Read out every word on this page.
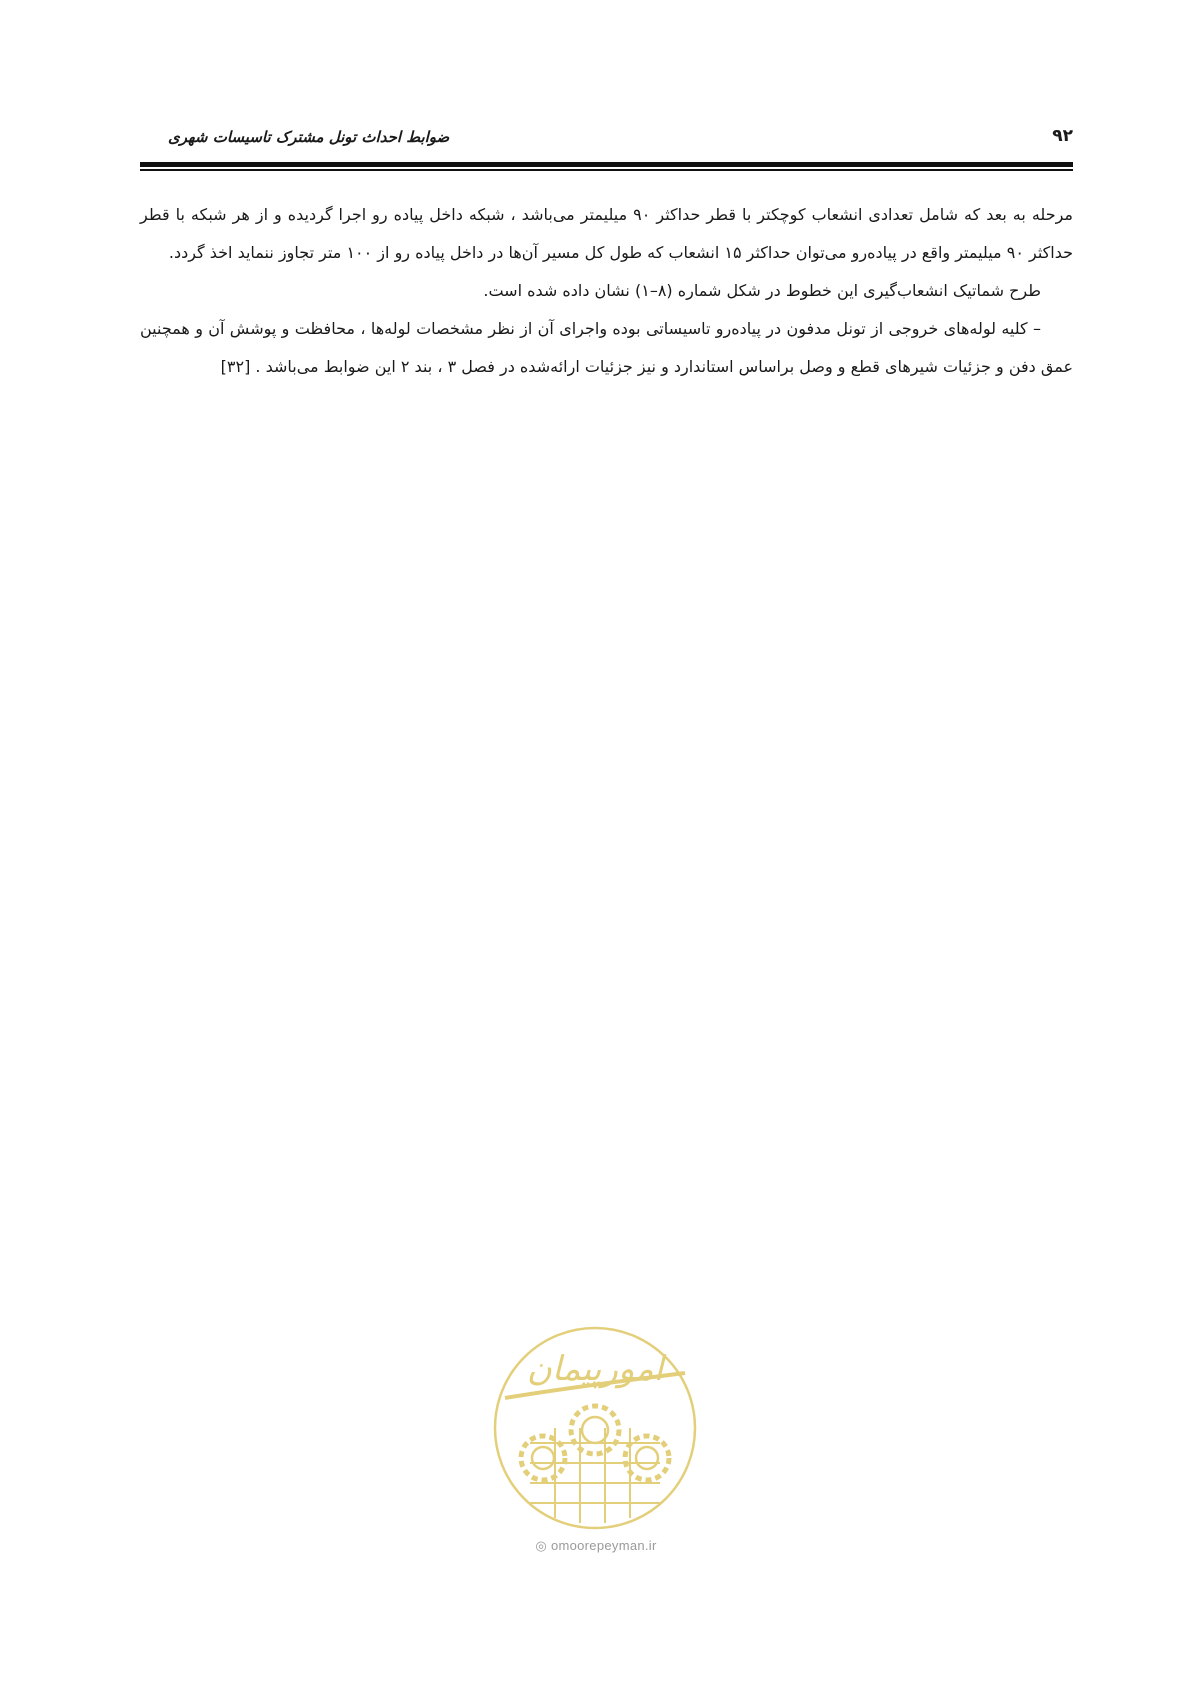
۹۲
ضوابط احداث تونل مشترک تاسیسات شهری

مرحله به بعد که شامل تعدادی انشعاب کوچکتر با قطر حداکثر ۹۰ میلیمتر می‌باشد ، شبکه داخل پیاده رو اجرا گردیده و از هر شبکه با قطر حداکثر ۹۰ میلیمتر واقع در پیاده‌رو می‌توان حداکثر ۱۵ انشعاب که طول کل مسیر آن‌ها در داخل پیاده رو از ۱۰۰ متر تجاوز ننماید اخذ گردد.

طرح شماتیک انشعاب‌گیری این خطوط در شکل شماره (۸–۱) نشان داده شده است.

– کلیه لوله‌های خروجی از تونل مدفون در پیاده‌رو تاسیساتی بوده واجرای آن از نظر مشخصات لوله‌ها ، محافظت و پوشش آن و همچنین عمق دفن و جزئیات شیرهای قطع و وصل براساس استاندارد و نیز جزئیات ارائه‌شده در فصل ۳ ، بند ۲ این ضوابط می‌باشد . [۳۲]

امورپیمان
◎ omoorepeyman.ir
